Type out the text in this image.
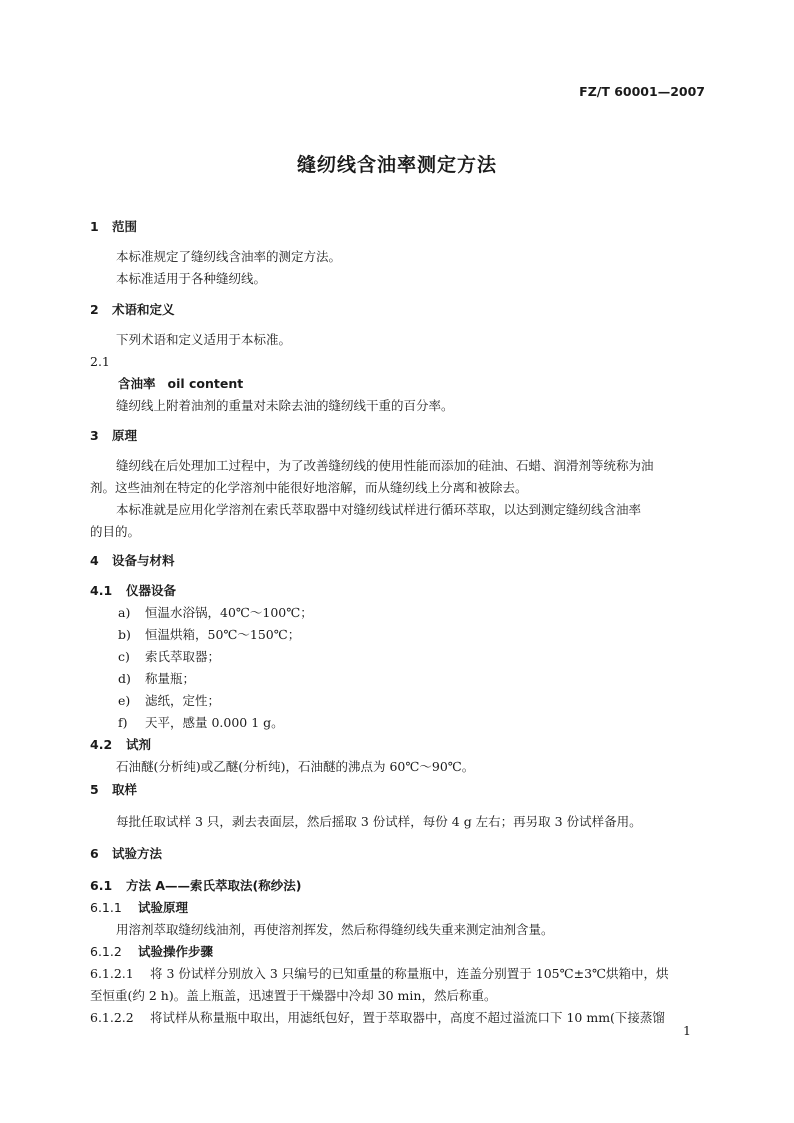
FZ/T 60001—2007
缝纫线含油率测定方法
1 范围

本标准规定了缝纫线含油率的测定方法。

本标准适用于各种缝纫线。

2 术语和定义

下列术语和定义适用于本标准。

2.1
含油率 oil content

缝纫线上附着油剂的重量对未除去油的缝纫线干重的百分率。

3 原理

缝纫线在后处理加工过程中，为了改善缝纫线的使用性能而添加的硅油、石蜡、润滑剂等统称为油

剂。这些油剂在特定的化学溶剂中能很好地溶解，而从缝纫线上分离和被除去。

本标准就是应用化学溶剂在索氏萃取器中对缝纫线试样进行循环萃取，以达到测定缝纫线含油率

的目的。

4 设备与材料
4.1 仪器设备
a) 恒温水浴锅，40℃～100℃；
b) 恒温烘箱，50℃～150℃；
c) 索氏萃取器；
d) 称量瓶；
e) 滤纸，定性；
f) 天平，感量 0.000 1 g。
4.2 试剂

石油醚(分析纯)或乙醚(分析纯)，石油醚的沸点为 60℃～90℃。

5 取样

每批任取试样 3 只，剥去表面层，然后摇取 3 份试样，每份 4 g 左右；再另取 3 份试样备用。

6 试验方法
6.1 方法 A——索氏萃取法(称纱法)
6.1.1 试验原理

用溶剂萃取缝纫线油剂，再使溶剂挥发，然后称得缝纫线失重来测定油剂含量。

6.1.2 试验操作步骤
6.1.2.1 将 3 份试样分别放入 3 只编号的已知重量的称量瓶中，连盖分别置于 105℃±3℃烘箱中，烘

至恒重(约 2 h)。盖上瓶盖，迅速置于干燥器中冷却 30 min，然后称重。

6.1.2.2 将试样从称量瓶中取出，用滤纸包好，置于萃取器中，高度不超过溢流口下 10 mm(下接蒸馏
1
